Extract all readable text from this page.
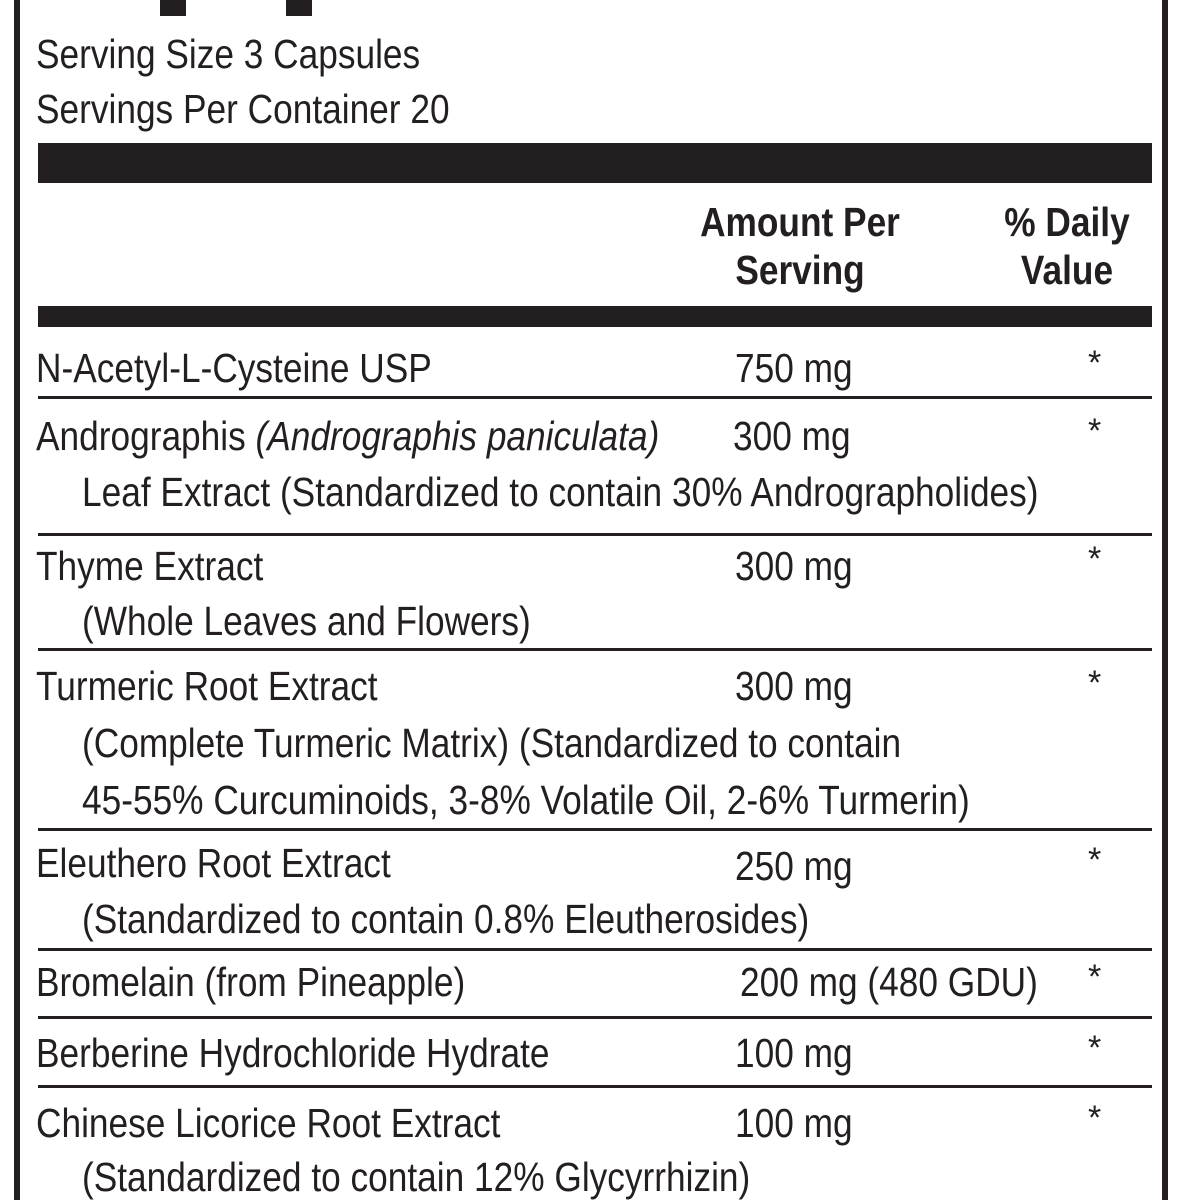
Serving Size 3 Capsules
Servings Per Container 20
Amount Per
Serving
% Daily
Value
N-Acetyl-L-Cysteine USP	750 mg	*
Andrographis (Andrographis paniculata) 300 mg	*
Leaf Extract (Standardized to contain 30% Andrographolides)
Thyme Extract	300 mg	*
(Whole Leaves and Flowers)
Turmeric Root Extract	300 mg	*
(Complete Turmeric Matrix) (Standardized to contain
45-55% Curcuminoids, 3-8% Volatile Oil, 2-6% Turmerin)
Eleuthero Root Extract	250 mg	*
(Standardized to contain 0.8% Eleutherosides)
Bromelain (from Pineapple)	200 mg (480 GDU) *
Berberine Hydrochloride Hydrate	100 mg	*
Chinese Licorice Root Extract	100 mg	*
(Standardized to contain 12% Glycyrrhizin)
